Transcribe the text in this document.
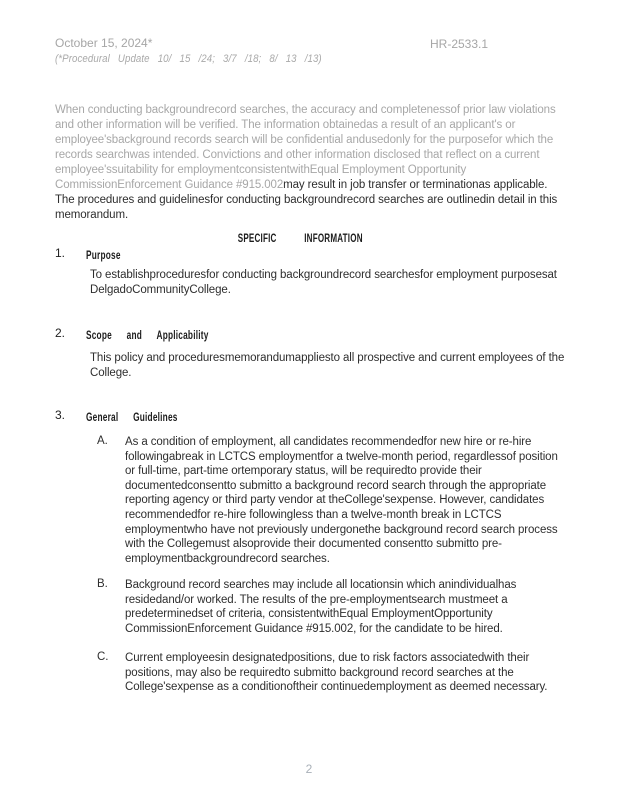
October 15, 2024*
(*Procedural Update 10/ 15 /24; 3/7 /18; 8/ 13 /13)
HR-2533.1

When conducting backgroundrecord searches, the accuracy and completenessof prior law violations and other information will be verified. The information obtainedas a result of an applicant's or employee'sbackground records search will be confidential andusedonly for the purposefor which the records searchwas intended. Convictions and other information disclosed that reflect on a current employee'ssuitability for employmentconsistentwithEqual Employment Opportunity CommissionEnforcement Guidance #915.002may result in job transfer or terminationas applicable. The procedures and guidelinesfor conducting backgroundrecord searches are outlinedin detail in this memorandum.

SPECIFIC INFORMATION
1. Purpose
To establishproceduresfor conducting backgroundrecord searchesfor employment purposesat DelgadoCommunityCollege.
2. Scope and Applicability
This policy and proceduresmemorandumappliesto all prospective and current employees of the College.
3. General Guidelines
A. As a condition of employment, all candidates recommendedfor new hire or re-hire followingabreak in LCTCS employmentfor a twelve-month period, regardlessof position or full-time, part-time ortemporary status, will be requiredto provide their documentedconsentto submitto a background record search through the appropriate reporting agency or third party vendor at theCollege'sexpense. However, candidates recommendedfor re-hire followingless than a twelve-month break in LCTCS employmentwho have not previously undergonethe background record search process with the Collegemust alsoprovide their documented consentto submitto pre-employmentbackgroundrecord searches.
B. Background record searches may include all locationsin which anindividualhas residedand/or worked. The results of the pre-employmentsearch mustmeet a predeterminedset of criteria, consistentwithEqual EmploymentOpportunity CommissionEnforcement Guidance #915.002, for the candidate to be hired.
C. Current employeesin designatedpositions, due to risk factors associatedwith their positions, may also be requiredto submitto background record searches at the College'sexpense as a conditionoftheir continuedemployment as deemed necessary.
2
